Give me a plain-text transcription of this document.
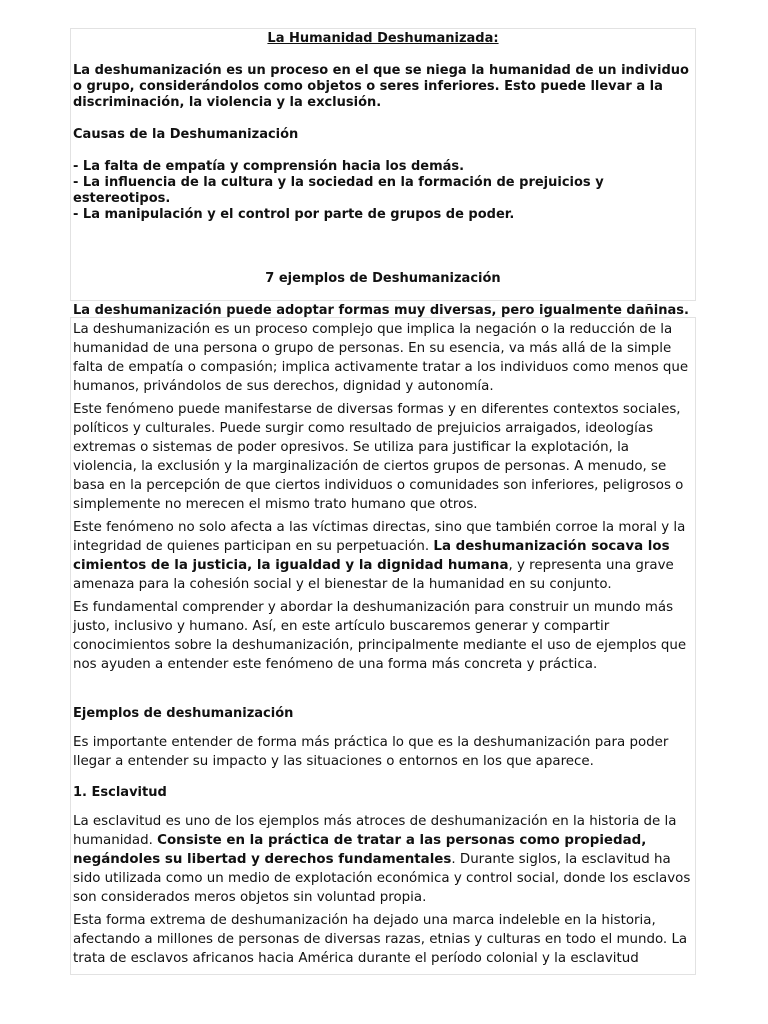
La Humanidad Deshumanizada:

La deshumanización es un proceso en el que se niega la humanidad de un individuo o grupo, considerándolos como objetos o seres inferiores. Esto puede llevar a la discriminación, la violencia y la exclusión.

Causas de la Deshumanización

- La falta de empatía y comprensión hacia los demás.

- La influencia de la cultura y la sociedad en la formación de prejuicios y estereotipos.

- La manipulación y el control por parte de grupos de poder.

7 ejemplos de Deshumanización

La deshumanización puede adoptar formas muy diversas, pero igualmente dañinas.

La deshumanización es un proceso complejo que implica la negación o la reducción de la humanidad de una persona o grupo de personas. En su esencia, va más allá de la simple falta de empatía o compasión; implica activamente tratar a los individuos como menos que humanos, privándolos de sus derechos, dignidad y autonomía.

Este fenómeno puede manifestarse de diversas formas y en diferentes contextos sociales, políticos y culturales. Puede surgir como resultado de prejuicios arraigados, ideologías extremas o sistemas de poder opresivos. Se utiliza para justificar la explotación, la violencia, la exclusión y la marginalización de ciertos grupos de personas. A menudo, se basa en la percepción de que ciertos individuos o comunidades son inferiores, peligrosos o simplemente no merecen el mismo trato humano que otros.

Este fenómeno no solo afecta a las víctimas directas, sino que también corroe la moral y la integridad de quienes participan en su perpetuación. La deshumanización socava los cimientos de la justicia, la igualdad y la dignidad humana, y representa una grave amenaza para la cohesión social y el bienestar de la humanidad en su conjunto.

Es fundamental comprender y abordar la deshumanización para construir un mundo más justo, inclusivo y humano. Así, en este artículo buscaremos generar y compartir conocimientos sobre la deshumanización, principalmente mediante el uso de ejemplos que nos ayuden a entender este fenómeno de una forma más concreta y práctica.

Ejemplos de deshumanización

Es importante entender de forma más práctica lo que es la deshumanización para poder llegar a entender su impacto y las situaciones o entornos en los que aparece.

1. Esclavitud

La esclavitud es uno de los ejemplos más atroces de deshumanización en la historia de la humanidad. Consiste en la práctica de tratar a las personas como propiedad, negándoles su libertad y derechos fundamentales. Durante siglos, la esclavitud ha sido utilizada como un medio de explotación económica y control social, donde los esclavos son considerados meros objetos sin voluntad propia.

Esta forma extrema de deshumanización ha dejado una marca indeleble en la historia, afectando a millones de personas de diversas razas, etnias y culturas en todo el mundo. La trata de esclavos africanos hacia América durante el período colonial y la esclavitud
